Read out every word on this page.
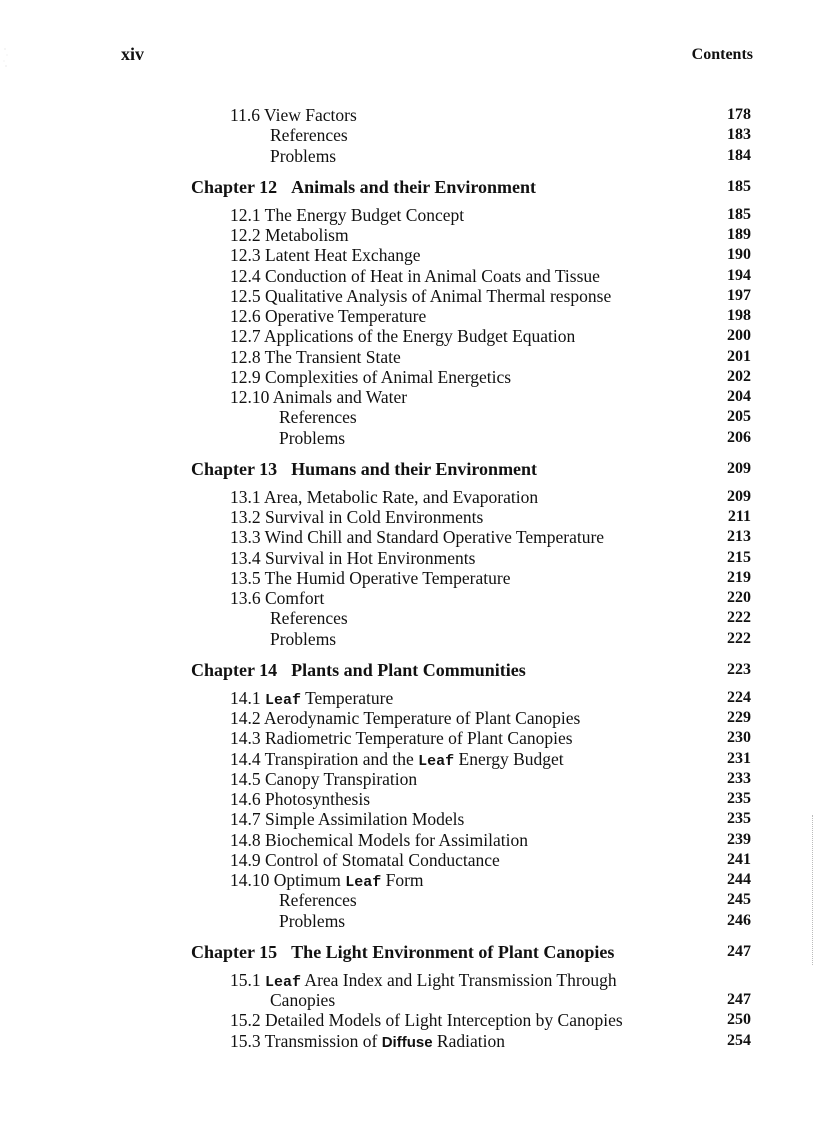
xiv	Contents
11.6 View Factors	178
References	183
Problems	184
Chapter 12 Animals and their Environment	185
12.1 The Energy Budget Concept	185
12.2 Metabolism	189
12.3 Latent Heat Exchange	190
12.4 Conduction of Heat in Animal Coats and Tissue	194
12.5 Qualitative Analysis of Animal Thermal response	197
12.6 Operative Temperature	198
12.7 Applications of the Energy Budget Equation	200
12.8 The Transient State	201
12.9 Complexities of Animal Energetics	202
12.10 Animals and Water	204
References	205
Problems	206
Chapter 13 Humans and their Environment	209
13.1 Area, Metabolic Rate, and Evaporation	209
13.2 Survival in Cold Environments	211
13.3 Wind Chill and Standard Operative Temperature	213
13.4 Survival in Hot Environments	215
13.5 The Humid Operative Temperature	219
13.6 Comfort	220
References	222
Problems	222
Chapter 14 Plants and Plant Communities	223
14.1 Leaf Temperature	224
14.2 Aerodynamic Temperature of Plant Canopies	229
14.3 Radiometric Temperature of Plant Canopies	230
14.4 Transpiration and the Leaf Energy Budget	231
14.5 Canopy Transpiration	233
14.6 Photosynthesis	235
14.7 Simple Assimilation Models	235
14.8 Biochemical Models for Assimilation	239
14.9 Control of Stomatal Conductance	241
14.10 Optimum Leaf Form	244
References	245
Problems	246
Chapter 15 The Light Environment of Plant Canopies	247
15.1 Leaf Area Index and Light Transmission Through
Canopies	247
15.2 Detailed Models of Light Interception by Canopies	250
15.3 Transmission of Diffuse Radiation	254
